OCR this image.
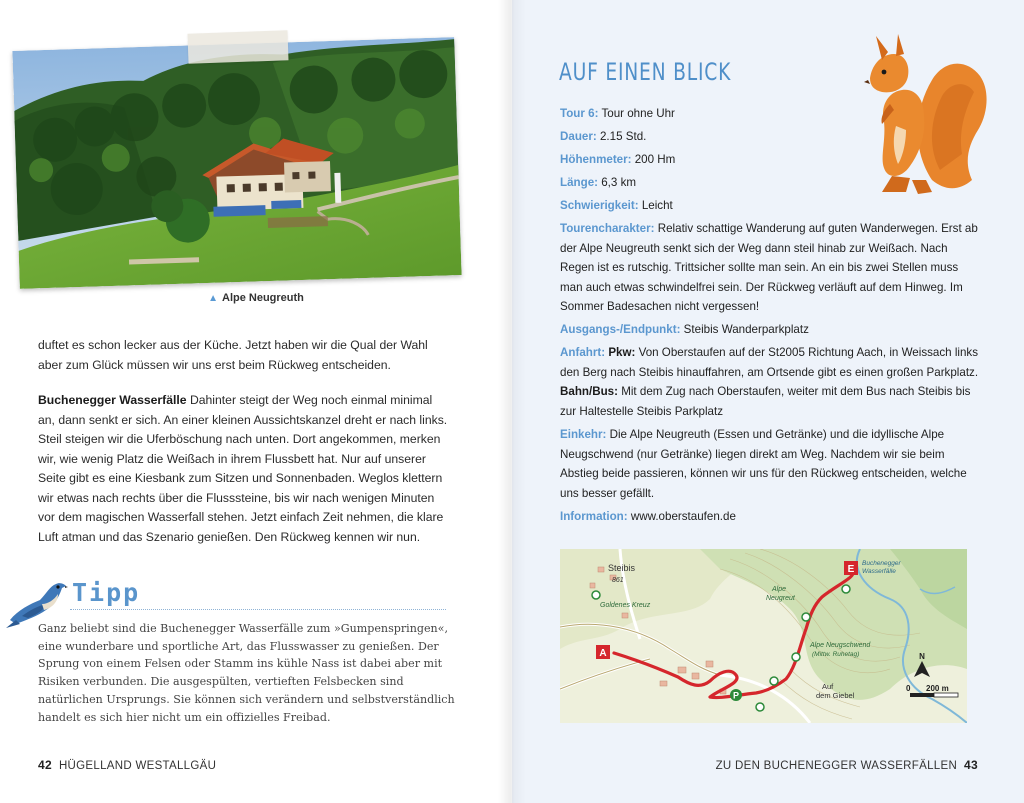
▲ Alpe Neugreuth
duftet es schon lecker aus der Küche. Jetzt haben wir die Qual der Wahl aber zum Glück müssen wir uns erst beim Rückweg entscheiden.
Buchenegger Wasserfälle Dahinter steigt der Weg noch einmal minimal an, dann senkt er sich. An einer kleinen Aussichtskanzel dreht er nach links. Steil steigen wir die Uferböschung nach unten. Dort angekommen, merken wir, wie wenig Platz die Weißach in ihrem Flussbett hat. Nur auf unserer Seite gibt es eine Kiesbank zum Sitzen und Sonnenbaden. Weglos klettern wir etwas nach rechts über die Flusssteine, bis wir nach wenigen Minuten vor dem magischen Wasserfall stehen. Jetzt einfach Zeit nehmen, die klare Luft atman und das Szenario genießen. Den Rückweg kennen wir nun.
Tipp
Ganz beliebt sind die Buchenegger Wasserfälle zum »Gumpenspringen«, eine wunderbare und sportliche Art, das Flusswasser zu genießen. Der Sprung von einem Felsen oder Stamm ins kühle Nass ist dabei aber mit Risiken verbunden. Die ausgespülten, vertieften Felsbecken sind natürlichen Ursprungs. Sie können sich verändern und selbstverständlich handelt es sich hier nicht um ein offizielles Freibad.
42 HÜGELLAND WESTALLGÄU
AUF EINEN BLICK

Tour 6: Tour ohne Uhr

Dauer: 2.15 Std.

Höhenmeter: 200 Hm

Länge: 6,3 km

Schwierigkeit: Leicht

Tourencharakter: Relativ schattige Wanderung auf guten Wanderwegen. Erst ab der Alpe Neugreuth senkt sich der Weg dann steil hinab zur Weißach. Nach Regen ist es rutschig. Trittsicher sollte man sein. An ein bis zwei Stellen muss man auch etwas schwindelfrei sein. Der Rückweg verläuft auf dem Hinweg. Im Sommer Badesachen nicht vergessen!

Ausgangs-/Endpunkt: Steibis Wanderparkplatz

Anfahrt: Pkw: Von Oberstaufen auf der St2005 Richtung Aach, in Weissach links den Berg nach Steibis hinauffahren, am Ortsende gibt es einen großen Parkplatz.
Bahn/Bus: Mit dem Zug nach Oberstaufen, weiter mit dem Bus nach Steibis bis zur Haltestelle Steibis Parkplatz

Einkehr: Die Alpe Neugreuth (Essen und Getränke) und die idyllische Alpe Neugschwend (nur Getränke) liegen direkt am Weg. Nachdem wir sie beim Abstieg beide passieren, können wir uns für den Rückweg entscheiden, welche uns besser gefällt.

Information: www.oberstaufen.de

A
E
P
Steibis
861
Goldenes Kreuz
Alpe
Neugreut
Buchenegger
Wasserfälle
Alpe Neugschwend
(Mittw. Ruhetag)
Auf
dem Giebel
N
0 200 m
ZU DEN BUCHENEGGER WASSERFÄLLEN 43
